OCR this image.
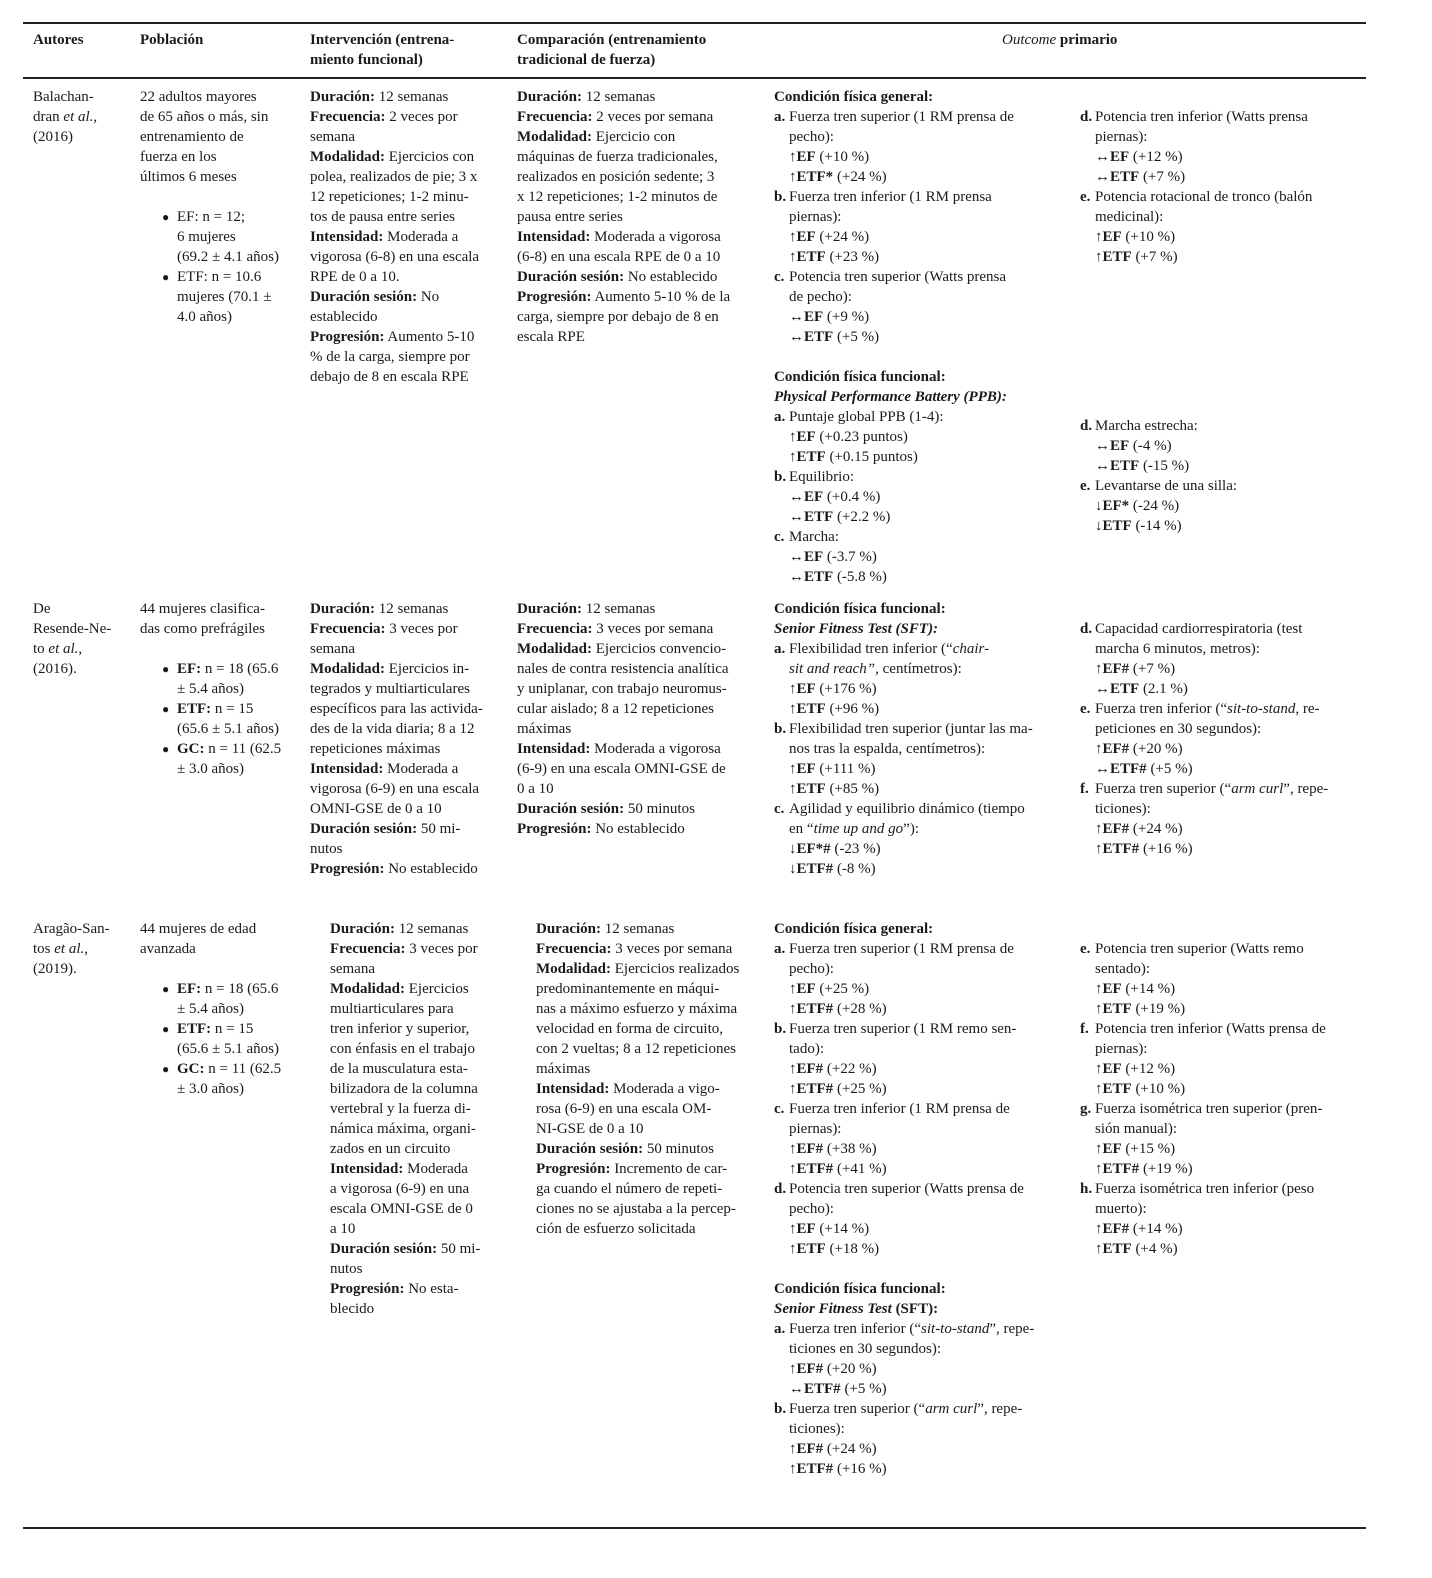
Autores	Población	Intervención (entrena-
miento funcional)
Comparación (entrenamiento
tradicional de fuerza)
Outcome primario
Balachan-
dran et al.,
(2016)
22 adultos mayores
de 65 años o más, sin
entrenamiento de
fuerza en los
últimos 6 meses
● EF: n = 12;
6 mujeres
(69.2 ± 4.1 años)
● ETF: n = 10.6
mujeres (70.1 ±
4.0 años)
Duración: 12 semanas
Frecuencia: 2 veces por
semana
Modalidad: Ejercicios con
polea, realizados de pie; 3 x
12 repeticiones; 1-2 minu-
tos de pausa entre series
Intensidad: Moderada a
vigorosa (6-8) en una escala
RPE de 0 a 10.
Duración sesión: No
establecido
Progresión: Aumento 5-10
% de la carga, siempre por
debajo de 8 en escala RPE
Duración: 12 semanas
Frecuencia: 2 veces por semana
Modalidad: Ejercicio con
máquinas de fuerza tradicionales,
realizados en posición sedente; 3
x 12 repeticiones; 1-2 minutos de
pausa entre series
Intensidad: Moderada a vigorosa
(6-8) en una escala RPE de 0 a 10
Duración sesión: No establecido
Progresión: Aumento 5-10 % de la
carga, siempre por debajo de 8 en
escala RPE
Condición física general:
a. Fuerza tren superior (1 RM prensa de
pecho):
↑EF (+10 %)
↑ETF* (+24 %)
b. Fuerza tren inferior (1 RM prensa
piernas):
↑EF (+24 %)
↑ETF (+23 %)
c. Potencia tren superior (Watts prensa
de pecho):
↔EF (+9 %)
↔ETF (+5 %)
Condición física funcional:
Physical Performance Battery (PPB):
a. Puntaje global PPB (1-4):
↑EF (+0.23 puntos)
↑ETF (+0.15 puntos)
b. Equilibrio:
↔EF (+0.4 %)
↔ETF (+2.2 %)
c. Marcha:
↔EF (-3.7 %)
↔ETF (-5.8 %)
d. Potencia tren inferior (Watts prensa
piernas):
↔EF (+12 %)
↔ETF (+7 %)
e. Potencia rotacional de tronco (balón
medicinal):
↑EF (+10 %)
↑ETF (+7 %)
d. Marcha estrecha:
↔EF (-4 %)
↔ETF (-15 %)
e. Levantarse de una silla:
↓EF* (-24 %)
↓ETF (-14 %)
De
Resende-Ne-
to et al.,
(2016).
44 mujeres clasifica-
das como prefrágiles
● EF: n = 18 (65.6
± 5.4 años)
● ETF: n = 15
(65.6 ± 5.1 años)
● GC: n = 11 (62.5
± 3.0 años)
Duración: 12 semanas
Frecuencia: 3 veces por
semana
Modalidad: Ejercicios in-
tegrados y multiarticulares
específicos para las activida-
des de la vida diaria; 8 a 12
repeticiones máximas
Intensidad: Moderada a
vigorosa (6-9) en una escala
OMNI-GSE de 0 a 10
Duración sesión: 50 mi-
nutos
Progresión: No establecido
Duración: 12 semanas
Frecuencia: 3 veces por semana
Modalidad: Ejercicios convencio-
nales de contra resistencia analítica
y uniplanar, con trabajo neuromus-
cular aislado; 8 a 12 repeticiones
máximas
Intensidad: Moderada a vigorosa
(6-9) en una escala OMNI-GSE de
0 a 10
Duración sesión: 50 minutos
Progresión: No establecido
Condición física funcional:
Senior Fitness Test (SFT):
a. Flexibilidad tren inferior (“chair-
sit and reach”, centímetros):
↑EF (+176 %)
↑ETF (+96 %)
b. Flexibilidad tren superior (juntar las ma-
nos tras la espalda, centímetros):
↑EF (+111 %)
↑ETF (+85 %)
c. Agilidad y equilibrio dinámico (tiempo
en “time up and go”):
↓EF*# (-23 %)
↓ETF# (-8 %)
d. Capacidad cardiorrespiratoria (test
marcha 6 minutos, metros):
↑EF# (+7 %)
↔ETF (2.1 %)
e. Fuerza tren inferior (“sit-to-stand, re-
peticiones en 30 segundos):
↑EF# (+20 %)
↔ETF# (+5 %)
f. Fuerza tren superior (“arm curl”, repe-
ticiones):
↑EF# (+24 %)
↑ETF# (+16 %)
Aragão-San-
tos et al.,
(2019).
44 mujeres de edad
avanzada
● EF: n = 18 (65.6
± 5.4 años)
● ETF: n = 15
(65.6 ± 5.1 años)
● GC: n = 11 (62.5
± 3.0 años)
Duración: 12 semanas
Frecuencia: 3 veces por
semana
Modalidad: Ejercicios
multiarticulares para
tren inferior y superior,
con énfasis en el trabajo
de la musculatura esta-
bilizadora de la columna
vertebral y la fuerza di-
námica máxima, organi-
zados en un circuito
Intensidad: Moderada
a vigorosa (6-9) en una
escala OMNI-GSE de 0
a 10
Duración sesión: 50 mi-
nutos
Progresión: No esta-
blecido
Duración: 12 semanas
Frecuencia: 3 veces por semana
Modalidad: Ejercicios realizados
predominantemente en máqui-
nas a máximo esfuerzo y máxima
velocidad en forma de circuito,
con 2 vueltas; 8 a 12 repeticiones
máximas
Intensidad: Moderada a vigo-
rosa (6-9) en una escala OM-
NI-GSE de 0 a 10
Duración sesión: 50 minutos
Progresión: Incremento de car-
ga cuando el número de repeti-
ciones no se ajustaba a la percep-
ción de esfuerzo solicitada
Condición física general:
a. Fuerza tren superior (1 RM prensa de
pecho):
↑EF (+25 %)
↑ETF# (+28 %)
b. Fuerza tren superior (1 RM remo sen-
tado):
↑EF# (+22 %)
↑ETF# (+25 %)
c. Fuerza tren inferior (1 RM prensa de
piernas):
↑EF# (+38 %)
↑ETF# (+41 %)
d. Potencia tren superior (Watts prensa de
pecho):
↑EF (+14 %)
↑ETF (+18 %)
Condición física funcional:
Senior Fitness Test (SFT):
a. Fuerza tren inferior (“sit-to-stand”, repe-
ticiones en 30 segundos):
↑EF# (+20 %)
↔ETF# (+5 %)
b. Fuerza tren superior (“arm curl”, repe-
ticiones):
↑EF# (+24 %)
↑ETF# (+16 %)
e. Potencia tren superior (Watts remo
sentado):
↑EF (+14 %)
↑ETF (+19 %)
f. Potencia tren inferior (Watts prensa de
piernas):
↑EF (+12 %)
↑ETF (+10 %)
g. Fuerza isométrica tren superior (pren-
sión manual):
↑EF (+15 %)
↑ETF# (+19 %)
h. Fuerza isométrica tren inferior (peso
muerto):
↑EF# (+14 %)
↑ETF (+4 %)
